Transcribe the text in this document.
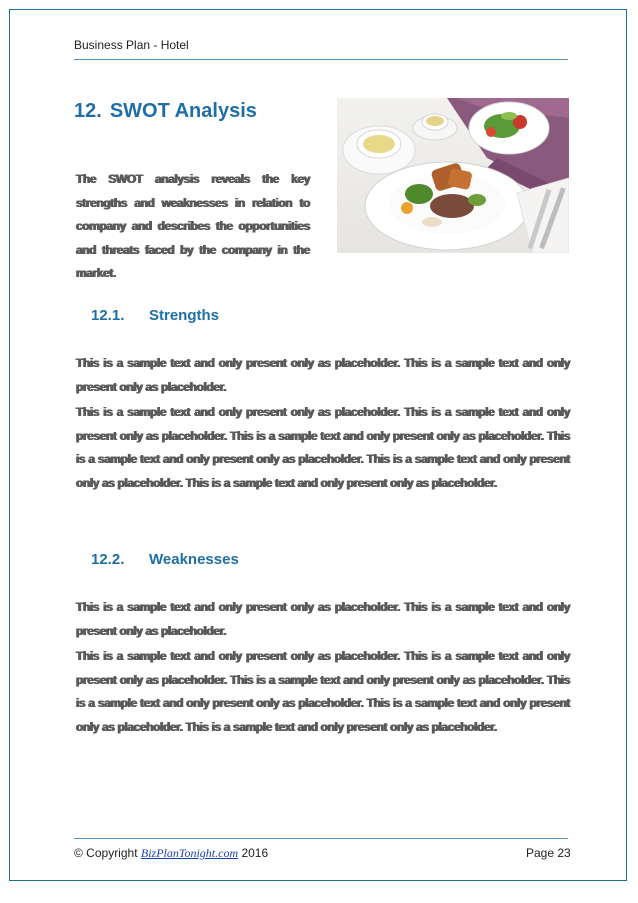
Business Plan - Hotel
12. SWOT Analysis
The SWOT analysis reveals the key strengths and weaknesses in relation to company and describes the opportunities and threats faced by the company in the market.
12.1. Strengths
This is a sample text and only present only as placeholder. This is a sample text and only present only as placeholder.
This is a sample text and only present only as placeholder. This is a sample text and only present only as placeholder. This is a sample text and only present only as placeholder. This is a sample text and only present only as placeholder. This is a sample text and only present only as placeholder. This is a sample text and only present only as placeholder.
12.2. Weaknesses
This is a sample text and only present only as placeholder. This is a sample text and only present only as placeholder.
This is a sample text and only present only as placeholder. This is a sample text and only present only as placeholder. This is a sample text and only present only as placeholder. This is a sample text and only present only as placeholder. This is a sample text and only present only as placeholder. This is a sample text and only present only as placeholder.
© Copyright BizPlanTonight.com 2016	Page 23
